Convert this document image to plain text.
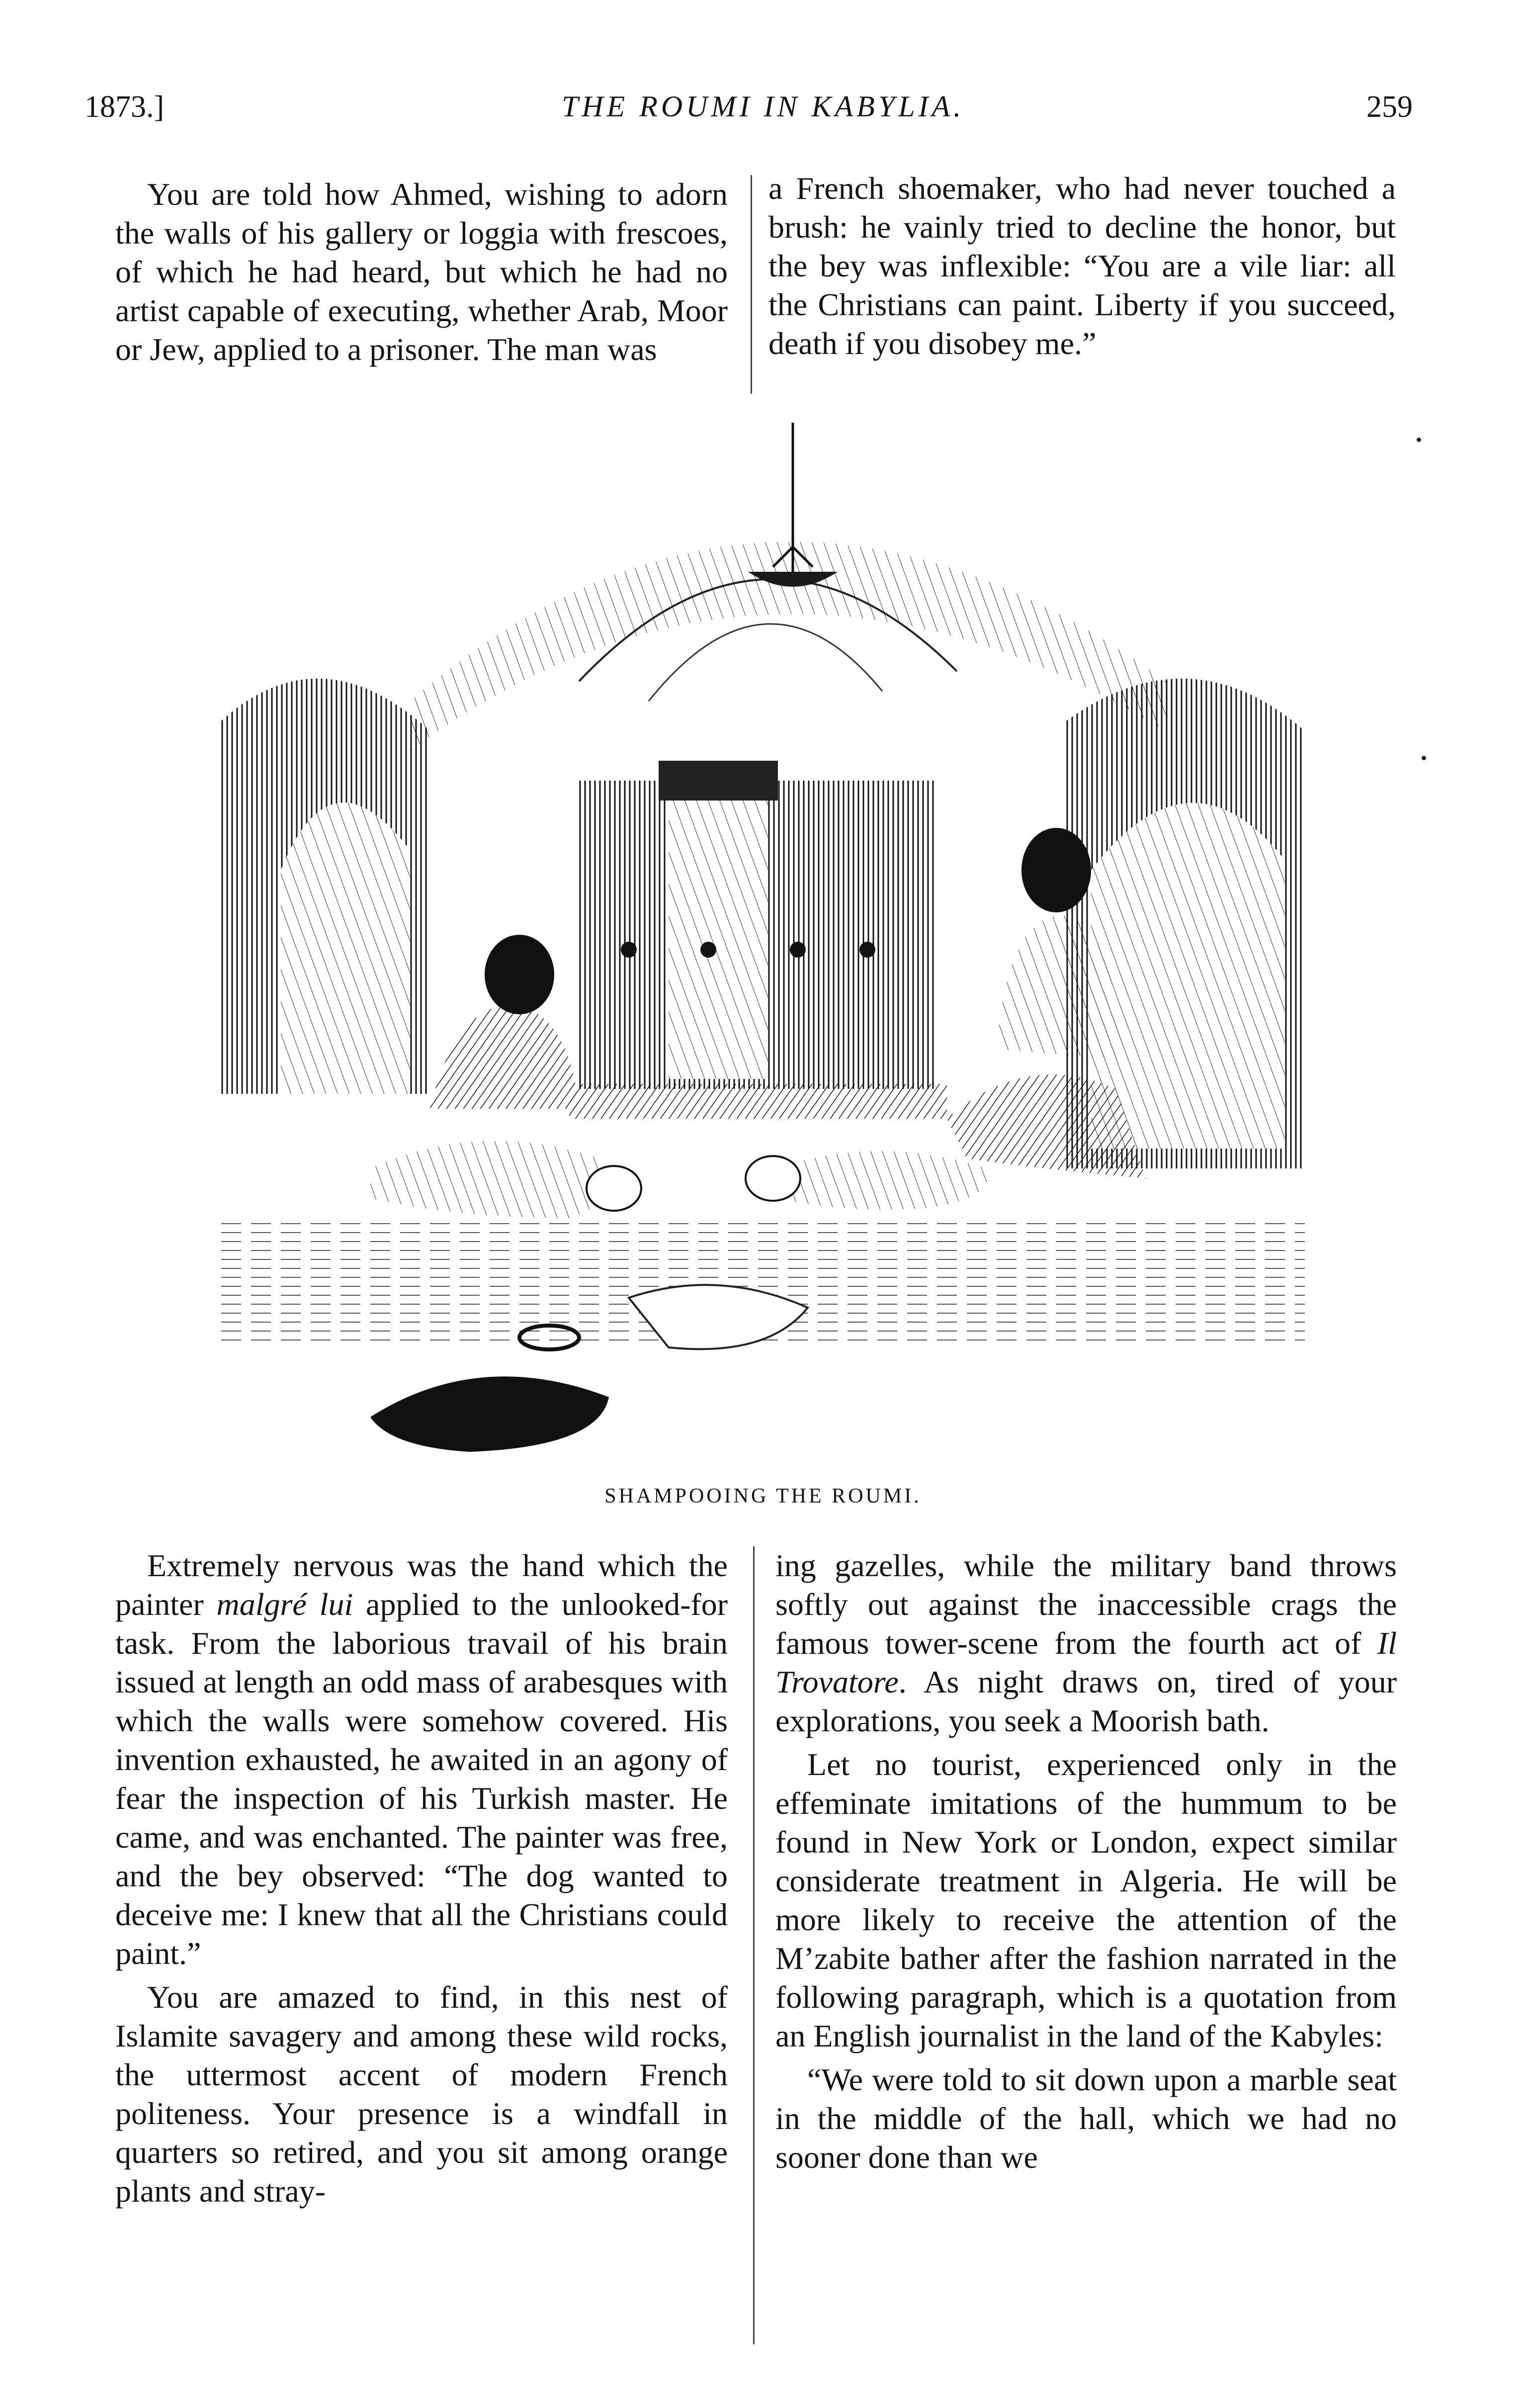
1873.]	THE ROUMI IN KABYLIA.	259

You are told how Ahmed, wishing to adorn the walls of his gallery or loggia with frescoes, of which he had heard, but which he had no artist capable of executing, whether Arab, Moor or Jew, applied to a prisoner. The man was

a French shoemaker, who had never touched a brush: he vainly tried to decline the honor, but the bey was inflexible: “You are a vile liar: all the Christians can paint. Liberty if you succeed, death if you disobey me.”

SHAMPOOING THE ROUMI.

Extremely nervous was the hand which the painter malgré lui applied to the unlooked-for task. From the laborious travail of his brain issued at length an odd mass of arabesques with which the walls were somehow covered. His invention exhausted, he awaited in an agony of fear the inspection of his Turkish master. He came, and was enchanted. The painter was free, and the bey observed: “The dog wanted to deceive me: I knew that all the Christians could paint.”

You are amazed to find, in this nest of Islamite savagery and among these wild rocks, the uttermost accent of modern French politeness. Your presence is a windfall in quarters so retired, and you sit among orange plants and stray-

ing gazelles, while the military band throws softly out against the inaccessible crags the famous tower-scene from the fourth act of Il Trovatore. As night draws on, tired of your explorations, you seek a Moorish bath.

Let no tourist, experienced only in the effeminate imitations of the hummum to be found in New York or London, expect similar considerate treatment in Algeria. He will be more likely to receive the attention of the M’zabite bather after the fashion narrated in the following paragraph, which is a quotation from an English journalist in the land of the Kabyles:

“We were told to sit down upon a marble seat in the middle of the hall, which we had no sooner done than we
